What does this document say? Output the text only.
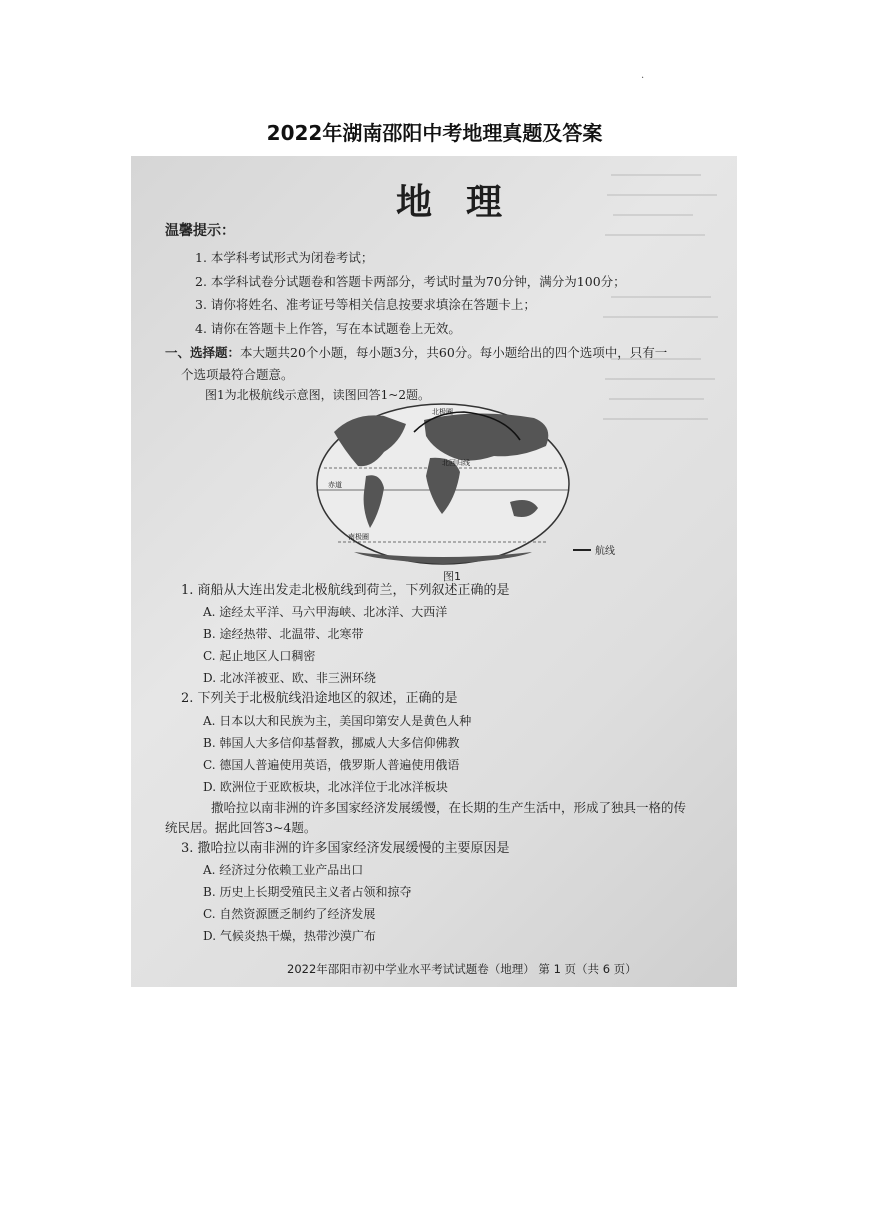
.
2022年湖南邵阳中考地理真题及答案
地理
温馨提示：
1. 本学科考试形式为闭卷考试；
2. 本学科试卷分试题卷和答题卡两部分，考试时量为70分钟，满分为100分；
3. 请你将姓名、准考证号等相关信息按要求填涂在答题卡上；
4. 请你在答题卡上作答，写在本试题卷上无效。
一、选择题：本大题共20个小题，每小题3分，共60分。每小题给出的四个选项中，只有一
个选项最符合题意。
图1为北极航线示意图，读图回答1~2题。
北极圈
北回归线
赤道
南极圈
航线
图1
1. 商船从大连出发走北极航线到荷兰，下列叙述正确的是
A. 途经太平洋、马六甲海峡、北冰洋、大西洋
B. 途经热带、北温带、北寒带
C. 起止地区人口稠密
D. 北冰洋被亚、欧、非三洲环绕
2. 下列关于北极航线沿途地区的叙述，正确的是
A. 日本以大和民族为主，美国印第安人是黄色人种
B. 韩国人大多信仰基督教，挪威人大多信仰佛教
C. 德国人普遍使用英语，俄罗斯人普遍使用俄语
D. 欧洲位于亚欧板块，北冰洋位于北冰洋板块
撒哈拉以南非洲的许多国家经济发展缓慢，在长期的生产生活中，形成了独具一格的传
统民居。据此回答3~4题。
3. 撒哈拉以南非洲的许多国家经济发展缓慢的主要原因是
A. 经济过分依赖工业产品出口
B. 历史上长期受殖民主义者占领和掠夺
C. 自然资源匮乏制约了经济发展
D. 气候炎热干燥，热带沙漠广布
2022年邵阳市初中学业水平考试试题卷（地理） 第 1 页（共 6 页）
